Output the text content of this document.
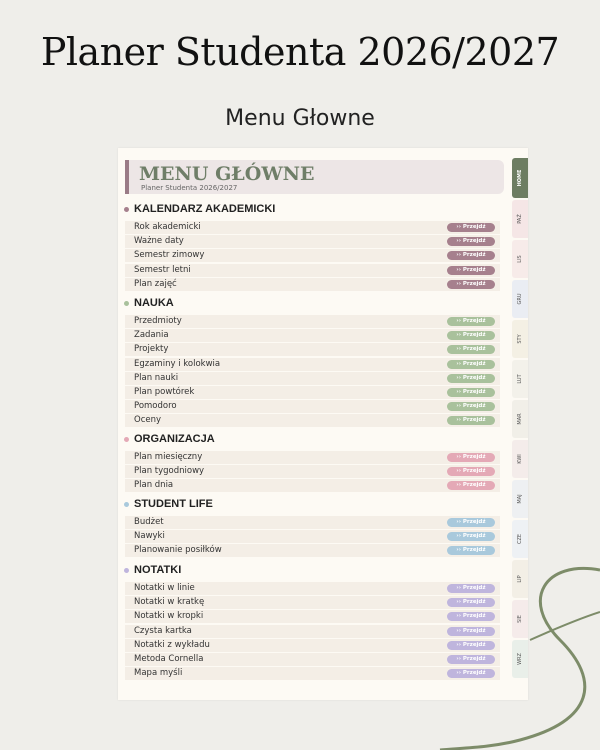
Planer Studenta 2026/2027
Menu Głowne
MENU GŁÓWNE
Planer Studenta 2026/2027
KALENDARZ AKADEMICKI
Rok akademicki	›› Przejdź
Ważne daty	›› Przejdź
Semestr zimowy	›› Przejdź
Semestr letni	›› Przejdź
Plan zajęć	›› Przejdź
NAUKA
Przedmioty	›› Przejdź
Zadania	›› Przejdź
Projekty	›› Przejdź
Egzaminy i kolokwia	›› Przejdź
Plan nauki	›› Przejdź
Plan powtórek	›› Przejdź
Pomodoro	›› Przejdź
Oceny	›› Przejdź
ORGANIZACJA
Plan miesięczny	›› Przejdź
Plan tygodniowy	›› Przejdź
Plan dnia	›› Przejdź
STUDENT LIFE
Budżet	›› Przejdź
Nawyki	›› Przejdź
Planowanie posiłków	›› Przejdź
NOTATKI
Notatki w linie	›› Przejdź
Notatki w kratkę	›› Przejdź
Notatki w kropki	›› Przejdź
Czysta kartka	›› Przejdź
Notatki z wykładu	›› Przejdź
Metoda Cornella	›› Przejdź
Mapa myśli	›› Przejdź
HOME
PAŹ
LIS
GRU
STY
LUT
MAR
KWI
MAJ
CZE
LIP
SIE
WRZ
